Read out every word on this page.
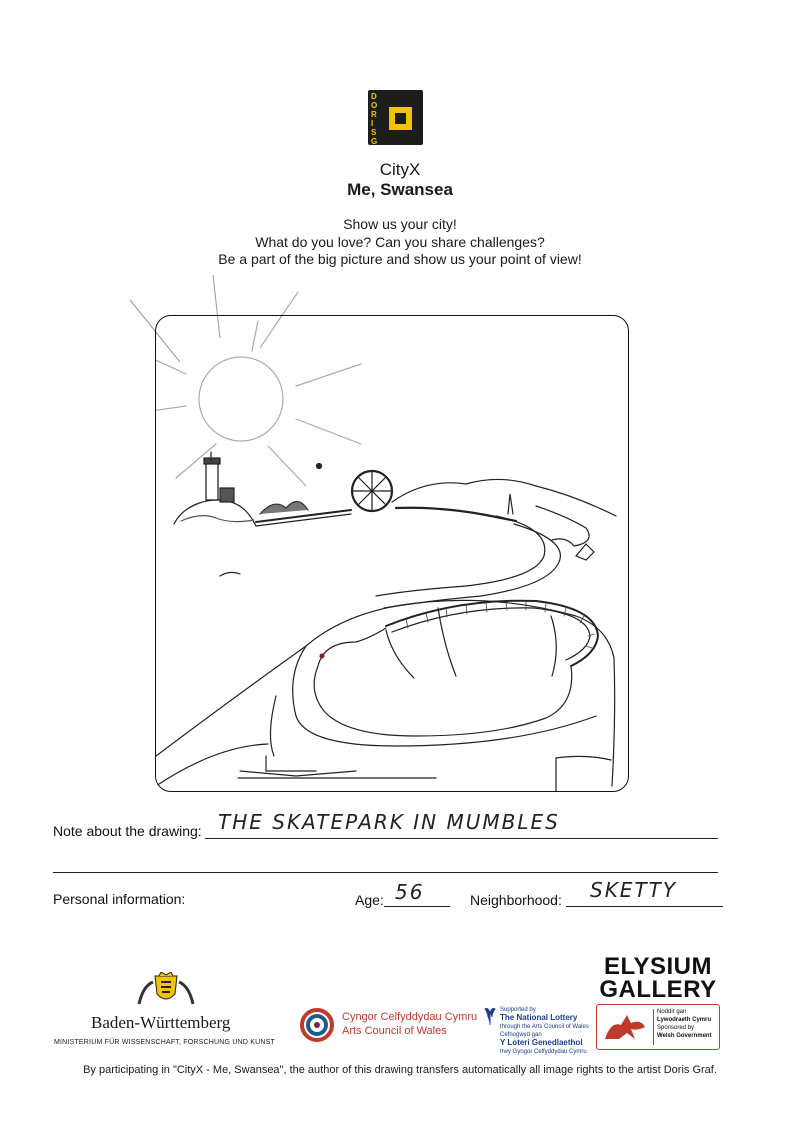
D
O
R
I
S
G
CityX
Me, Swansea
Show us your city!
What do you love? Can you share challenges?
Be a part of the big picture and show us your point of view!
Note about the drawing: THE SKATEPARK IN MUMBLES
Personal information:	Age: 56	Neighborhood: SKETTY
Baden-Württemberg
MINISTERIUM FÜR WISSENSCHAFT, FORSCHUNG UND KUNST
Cyngor Celfyddydau Cymru
Arts Council of Wales
Supported by
The National Lottery
through the Arts Council of Wales
Cefnogwyd gan
Y Loteri Genedlaethol
trwy Gyngor Celfyddydau Cymru
ELYSIUM
GALLERY
Noddir gan
Lywodraeth Cymru
Sponsored by
Welsh Government
By participating in "CityX - Me, Swansea", the author of this drawing transfers automatically all image rights to the artist Doris Graf.
